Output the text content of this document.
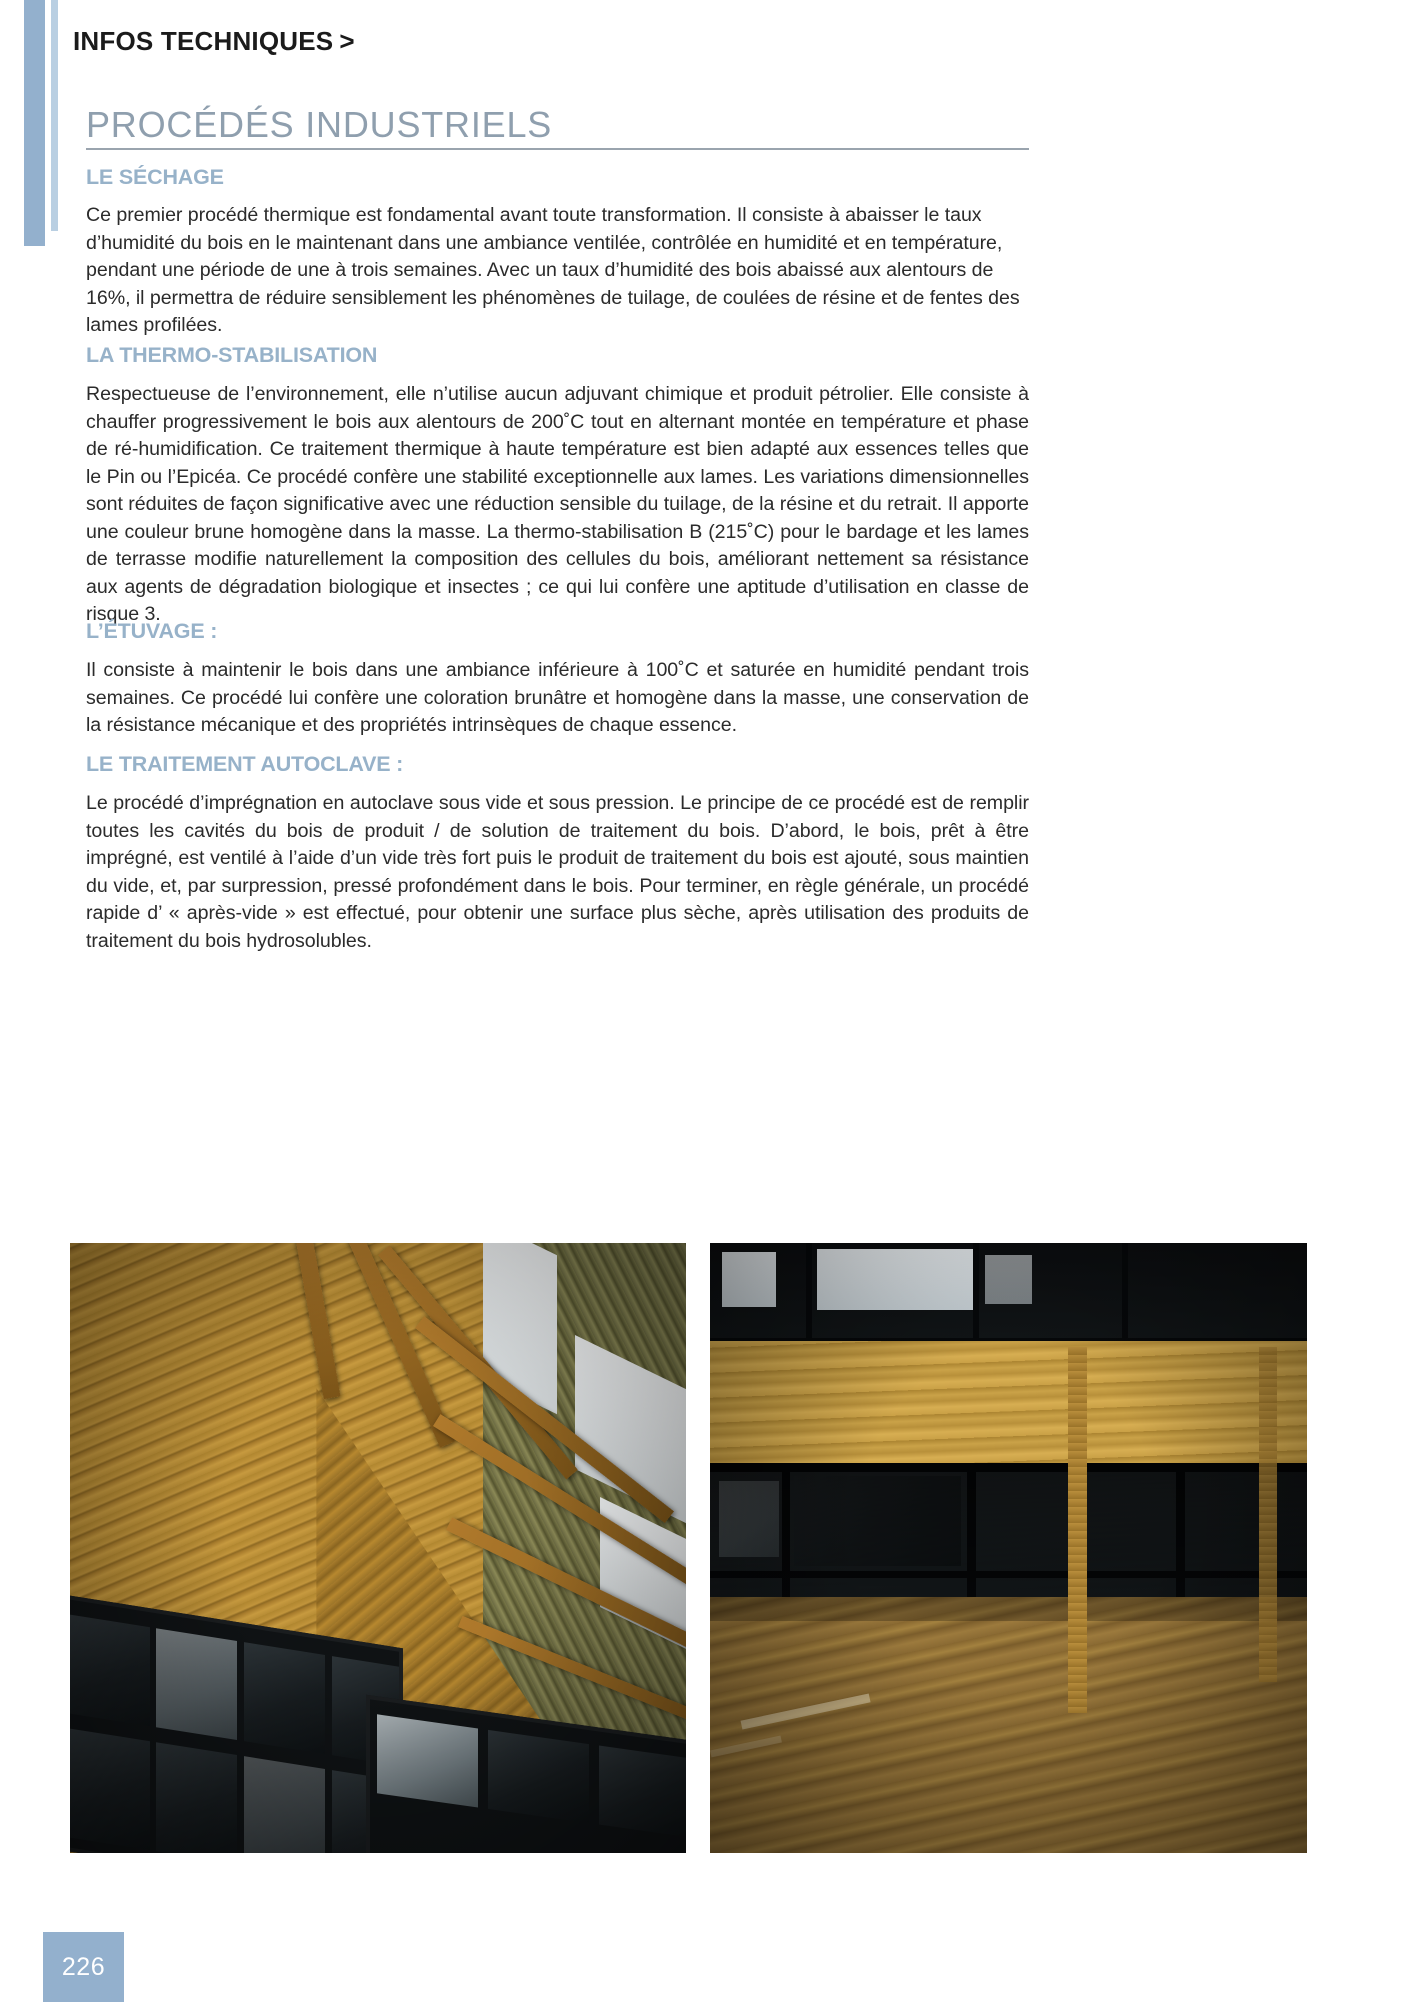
INFOS TECHNIQUES >
PROCÉDÉS INDUSTRIELS
LE SÉCHAGE

Ce premier procédé thermique est fondamental avant toute transformation. Il consiste à abaisser le taux d’humidité du bois en le maintenant dans une ambiance ventilée, contrôlée en humidité et en température, pendant une période de une à trois semaines. Avec un taux d’humidité des bois abaissé aux alentours de 16%, il permettra de réduire sensiblement les phénomènes de tuilage, de coulées de résine et de fentes des lames profilées.

LA THERMO-STABILISATION

Respectueuse de l’environnement, elle n’utilise aucun adjuvant chimique et produit pétrolier. Elle consiste à chauffer progressivement le bois aux alentours de 200˚C tout en alternant montée en température et phase de ré-humidification. Ce traitement thermique à haute température est bien adapté aux essences telles que le Pin ou l’Epicéa. Ce procédé confère une stabilité exceptionnelle aux lames. Les variations dimensionnelles sont réduites de façon significative avec une réduction sensible du tuilage, de la résine et du retrait. Il apporte une couleur brune homogène dans la masse. La thermo-stabilisation B (215˚C) pour le bardage et les lames de terrasse modifie naturellement la composition des cellules du bois, améliorant nettement sa résistance aux agents de dégradation biologique et insectes ; ce qui lui confère une aptitude d’utilisation en classe de risque 3.

L’ÉTUVAGE :

Il consiste à maintenir le bois dans une ambiance inférieure à 100˚C et saturée en humidité pendant trois semaines. Ce procédé lui confère une coloration brunâtre et homogène dans la masse, une conservation de la résistance mécanique et des propriétés intrinsèques de chaque essence.

LE TRAITEMENT AUTOCLAVE :

Le procédé d’imprégnation en autoclave sous vide et sous pression. Le principe de ce procédé est de remplir toutes les cavités du bois de produit / de solution de traitement du bois. D’abord, le bois, prêt à être imprégné, est ventilé à l’aide d’un vide très fort puis le produit de traitement du bois est ajouté, sous maintien du vide, et, par surpression, pressé profondément dans le bois. Pour terminer, en règle générale, un procédé rapide d’ « après-vide » est effectué, pour obtenir une surface plus sèche, après utilisation des produits de traitement du bois hydrosolubles.

226
